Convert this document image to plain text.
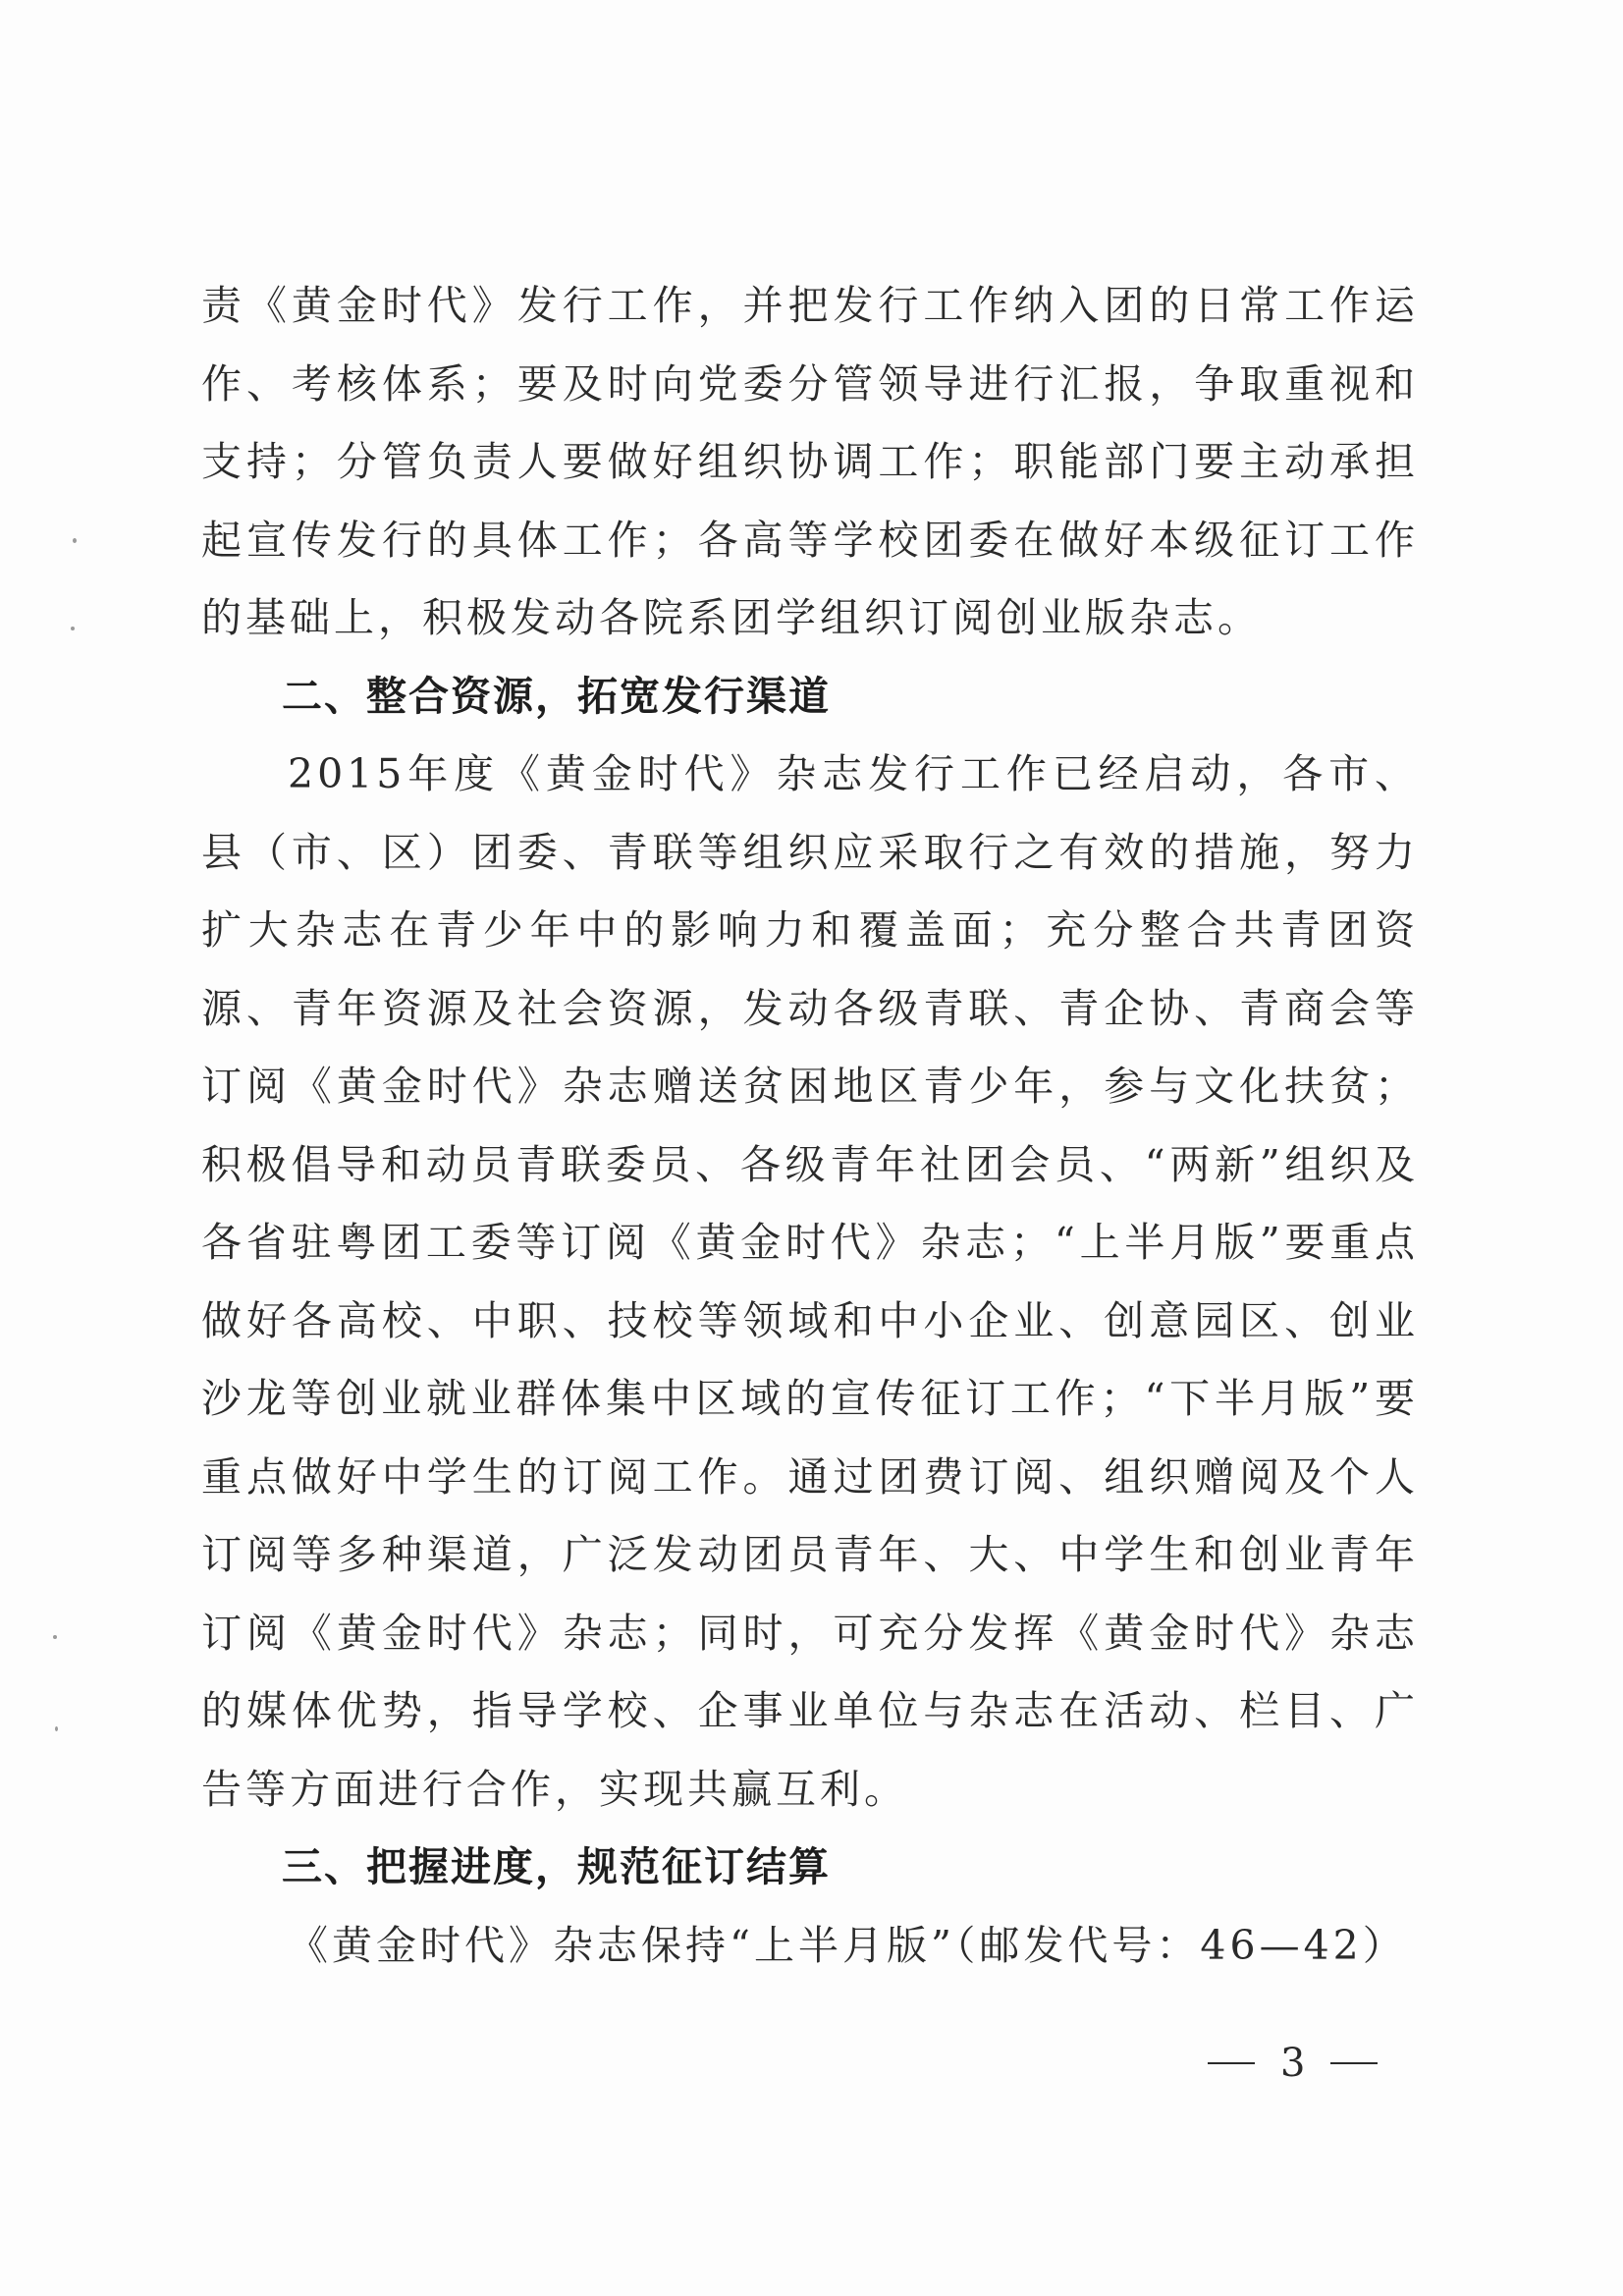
责《黄金时代》发行工作，并把发行工作纳入团的日常工作运作、考核体系；要及时向党委分管领导进行汇报，争取重视和支持；分管负责人要做好组织协调工作；职能部门要主动承担起宣传发行的具体工作；各高等学校团委在做好本级征订工作的基础上，积极发动各院系团学组织订阅创业版杂志。

二、整合资源，拓宽发行渠道

2015年度《黄金时代》杂志发行工作已经启动，各市、县（市、区）团委、青联等组织应采取行之有效的措施，努力扩大杂志在青少年中的影响力和覆盖面；充分整合共青团资源、青年资源及社会资源，发动各级青联、青企协、青商会等订阅《黄金时代》杂志赠送贫困地区青少年，参与文化扶贫；积极倡导和动员青联委员、各级青年社团会员、“两新”组织及各省驻粤团工委等订阅《黄金时代》杂志；“上半月版”要重点做好各高校、中职、技校等领域和中小企业、创意园区、创业沙龙等创业就业群体集中区域的宣传征订工作；“下半月版”要重点做好中学生的订阅工作。通过团费订阅、组织赠阅及个人订阅等多种渠道，广泛发动团员青年、大、中学生和创业青年订阅《黄金时代》杂志；同时，可充分发挥《黄金时代》杂志的媒体优势，指导学校、企事业单位与杂志在活动、栏目、广告等方面进行合作，实现共赢互利。

三、把握进度，规范征订结算

《黄金时代》杂志保持“上半月版”（邮发代号：46—42）

3
